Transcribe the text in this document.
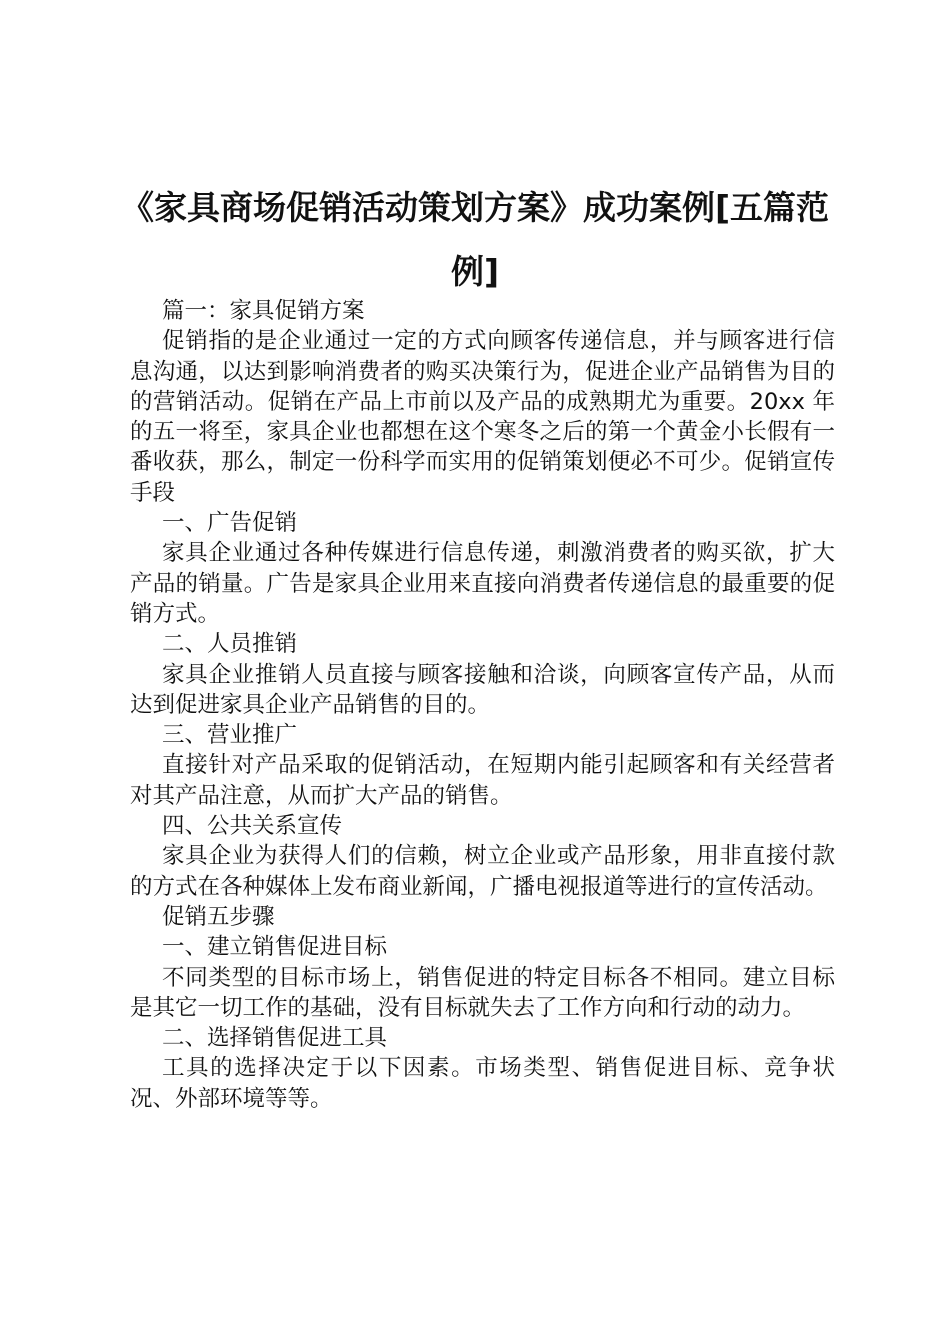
《家具商场促销活动策划方案》成功案例[五篇范例]

篇一：家具促销方案

促销指的是企业通过一定的方式向顾客传递信息，并与顾客进行信息沟通，以达到影响消费者的购买决策行为，促进企业产品销售为目的的营销活动。促销在产品上市前以及产品的成熟期尤为重要。20xx 年的五一将至，家具企业也都想在这个寒冬之后的第一个黄金小长假有一番收获，那么，制定一份科学而实用的促销策划便必不可少。促销宣传手段

一、广告促销

家具企业通过各种传媒进行信息传递，刺激消费者的购买欲，扩大产品的销量。广告是家具企业用来直接向消费者传递信息的最重要的促销方式。

二、人员推销

家具企业推销人员直接与顾客接触和洽谈，向顾客宣传产品，从而达到促进家具企业产品销售的目的。

三、营业推广

直接针对产品采取的促销活动，在短期内能引起顾客和有关经营者对其产品注意，从而扩大产品的销售。

四、公共关系宣传

家具企业为获得人们的信赖，树立企业或产品形象，用非直接付款的方式在各种媒体上发布商业新闻，广播电视报道等进行的宣传活动。

促销五步骤

一、建立销售促进目标

不同类型的目标市场上，销售促进的特定目标各不相同。建立目标是其它一切工作的基础，没有目标就失去了工作方向和行动的动力。

二、选择销售促进工具

工具的选择决定于以下因素。市场类型、销售促进目标、竞争状况、外部环境等等。
